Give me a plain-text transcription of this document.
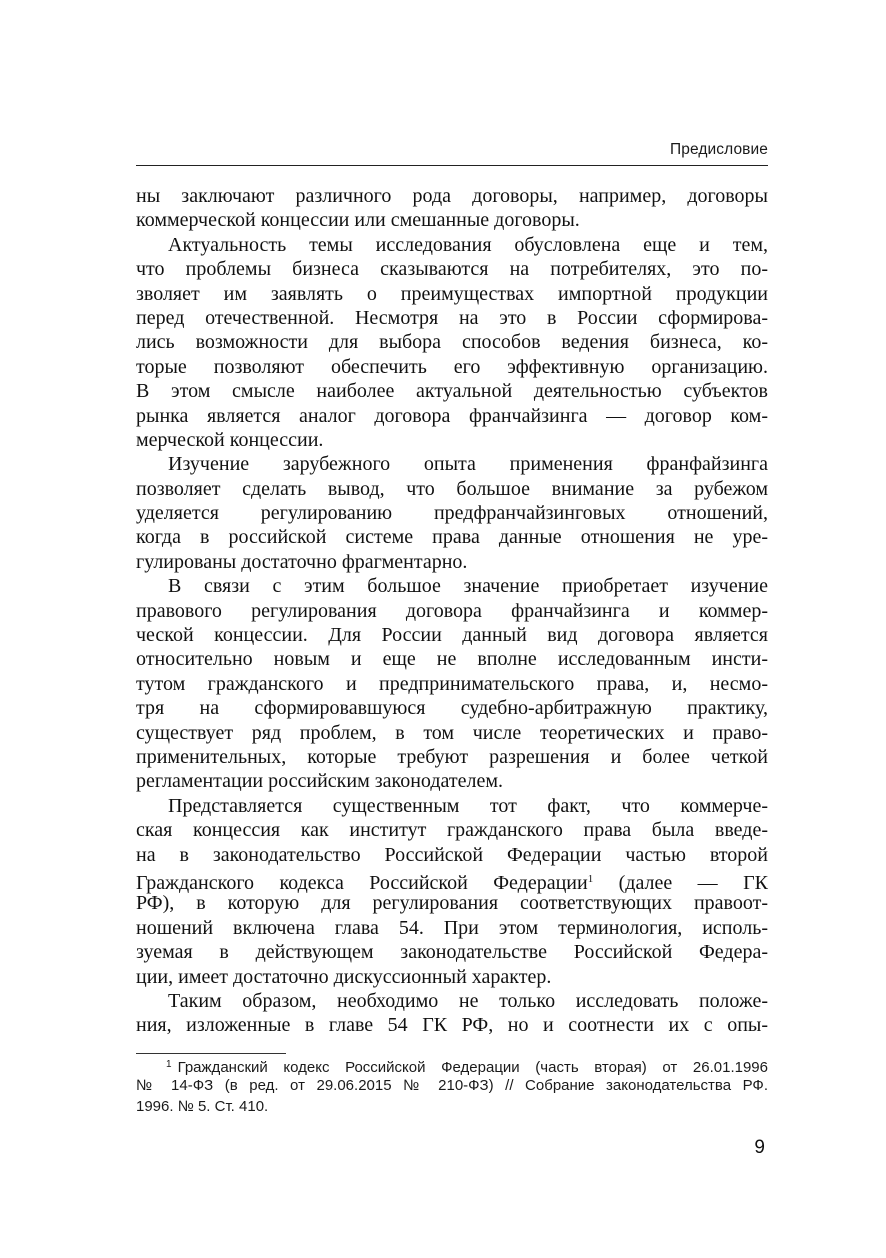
Предисловие
ны заключают различного рода договоры, например, договоры
коммерческой концессии или смешанные договоры.
Актуальность темы исследования обусловлена еще и тем,
что проблемы бизнеса сказываются на потребителях, это по-
зволяет им заявлять о преимуществах импортной продукции
перед отечественной. Несмотря на это в России сформирова-
лись возможности для выбора способов ведения бизнеса, ко-
торые позволяют обеспечить его эффективную организацию.
В этом смысле наиболее актуальной деятельностью субъектов
рынка является аналог договора франчайзинга — договор ком-
мерческой концессии.
Изучение зарубежного опыта применения франфайзинга
позволяет сделать вывод, что большое внимание за рубежом
уделяется регулированию предфранчайзинговых отношений,
когда в российской системе права данные отношения не уре-
гулированы достаточно фрагментарно.
В связи с этим большое значение приобретает изучение
правового регулирования договора франчайзинга и коммер-
ческой концессии. Для России данный вид договора является
относительно новым и еще не вполне исследованным инсти-
тутом гражданского и предпринимательского права, и, несмо-
тря на сформировавшуюся судебно-арбитражную практику,
существует ряд проблем, в том числе теоретических и право-
применительных, которые требуют разрешения и более четкой
регламентации российским законодателем.
Представляется существенным тот факт, что коммерче-
ская концессия как институт гражданского права была введе-
на в законодательство Российской Федерации частью второй
Гражданского кодекса Российской Федерации$^1$ (далее — ГК
РФ), в которую для регулирования соответствующих правоот-
ношений включена глава 54. При этом терминология, исполь-
зуемая в действующем законодательстве Российской Федера-
ции, имеет достаточно дискуссионный характер.
Таким образом, необходимо не только исследовать положе-
ния, изложенные в главе 54 ГК РФ, но и соотнести их с опы-
$^1$ Гражданский кодекс Российской Федерации (часть вторая) от 26.01.1996
№ 14-ФЗ (в ред. от 29.06.2015 № 210-ФЗ) // Собрание законодательства РФ.
1996. № 5. Ст. 410.
9
